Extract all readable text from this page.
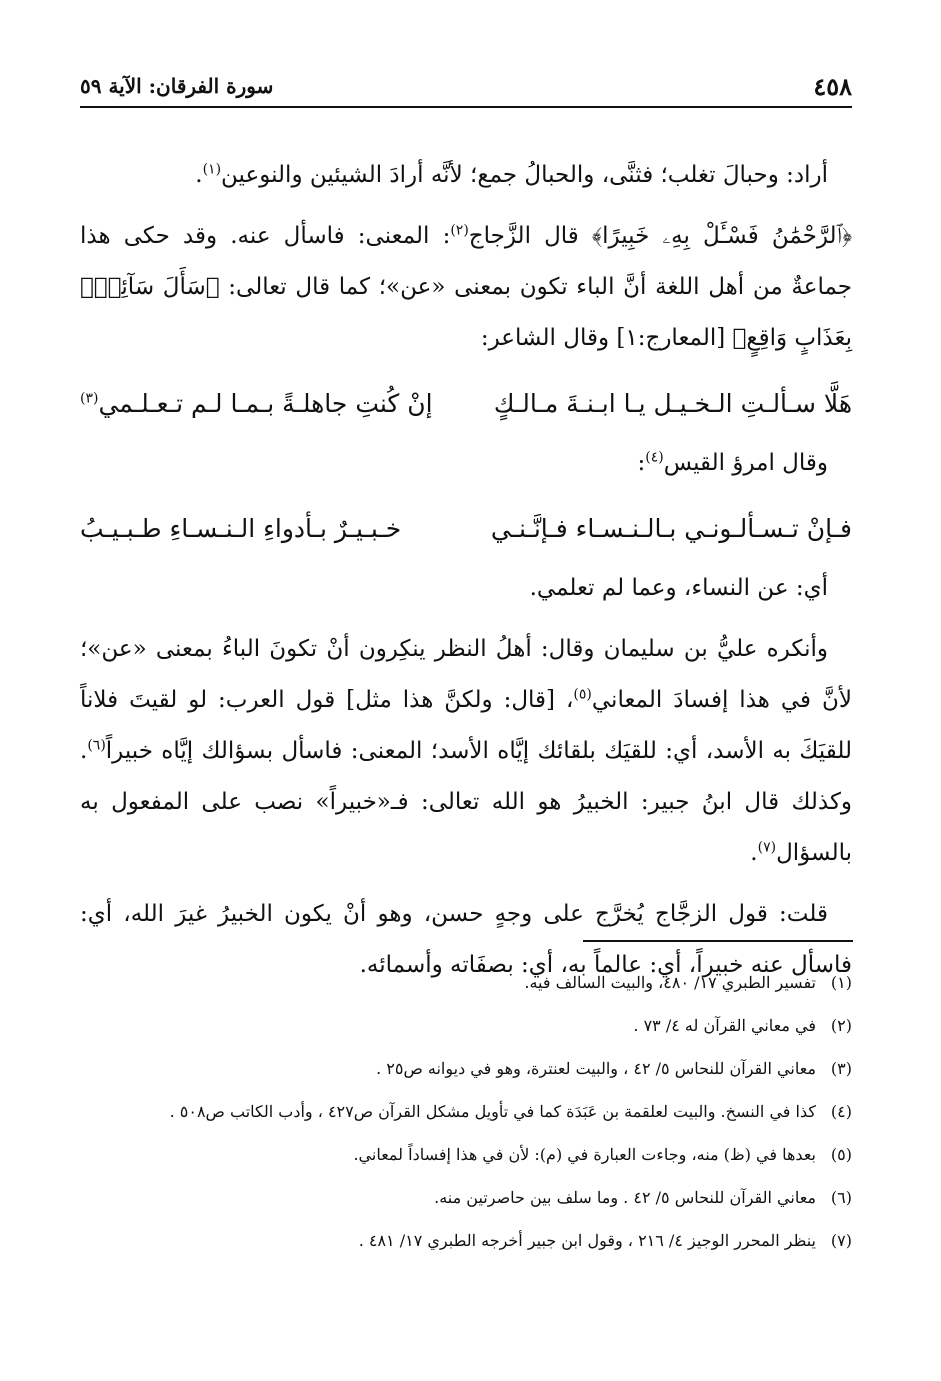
٤٥٨
سورة الفرقان: الآية ٥٩

أراد: وحبالَ تغلب؛ فثنَّى، والحبالُ جمع؛ لأنَّه أرادَ الشيئين والنوعين$^{(١)}$.

﴿ٱلرَّحْمَٰنُ فَسْـَٔلْ بِهِۦ خَبِيرًا﴾ قال الزَّجاج$^{(٢)}$: المعنى: فاسأل عنه. وقد حكى هذا جماعةٌ من أهل اللغة أنَّ الباء تكون بمعنى «عن»؛ كما قال تعالى: ﴿سَأَلَ سَآئِلٌۢ بِعَذَابٍ وَاقِعٍ﴾ [المعارج:١] وقال الشاعر:

هَلَّا سـألـتِ الـخـيـل يـا ابـنـةَ مـالـكٍ
إنْ كُنتِ جاهلـةً بـمـا لـم تـعـلـمي$^{(٣)}$

وقال امرؤ القيس$^{(٤)}$:

فـإنْ تـسـألـونـي بـالـنـسـاء فـإنَّـنـي
خـبـيـرٌ بـأدواءِ الـنـسـاءِ طـبـيـبُ

أي: عن النساء، وعما لم تعلمي.

وأنكره عليُّ بن سليمان وقال: أهلُ النظر ينكِرون أنْ تكونَ الباءُ بمعنى «عن»؛ لأنَّ في هذا إفسادَ المعاني$^{(٥)}$، [قال: ولكنَّ هذا مثل] قول العرب: لو لقيتَ فلاناً للقيَكَ به الأسد، أي: للقيَك بلقائك إيَّاه الأسد؛ المعنى: فاسأل بسؤالك إيَّاه خبيراً$^{(٦)}$. وكذلك قال ابنُ جبير: الخبيرُ هو الله تعالى: فـ«خبيراً» نصب على المفعول به بالسؤال$^{(٧)}$.

قلت: قول الزجَّاج يُخرَّج على وجهٍ حسن، وهو أنْ يكون الخبيرُ غيرَ الله، أي: فاسأل عنه خبيراً، أي: عالماً به، أي: بصفَاته وأسمائه.

(١)
تفسير الطبري ١٧/ ٤٨٠، والبيت السالف فيه.
(٢)
في معاني القرآن له ٤/ ٧٣ .
(٣)
معاني القرآن للنحاس ٥/ ٤٢ ، والبيت لعنترة، وهو في ديوانه ص٢٥ .
(٤)
كذا في النسخ. والبيت لعلقمة بن عَبَدَة كما في تأويل مشكل القرآن ص٤٢٧ ، وأدب الكاتب ص٥٠٨ .
(٥)
بعدها في (ظ) منه، وجاءت العبارة في (م): لأن في هذا إفساداً لمعاني.
(٦)
معاني القرآن للنحاس ٥/ ٤٢ . وما سلف بين حاصرتين منه.
(٧)
ينظر المحرر الوجيز ٤/ ٢١٦ ، وقول ابن جبير أخرجه الطبري ١٧/ ٤٨١ .
